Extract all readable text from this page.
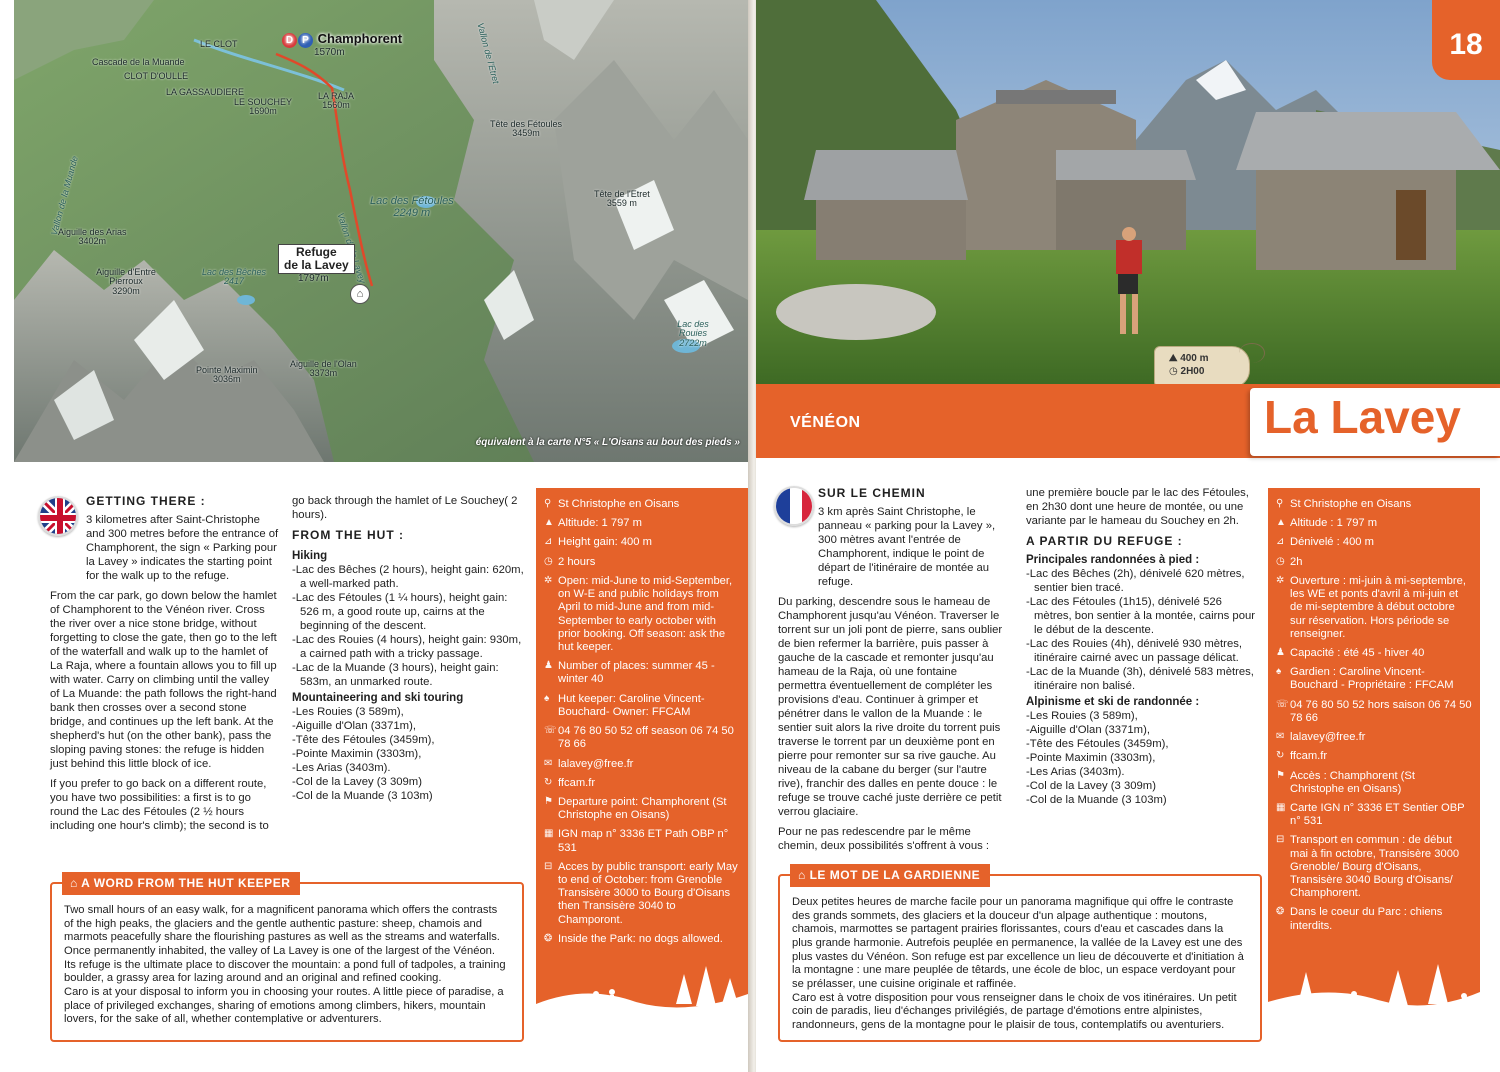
D P Champhorent
1570m
LE CLOT
Cascade de la Muande
CLOT D'OULLE
LA GASSAUDIERE
LE SOUCHEY
1690m
LA RAJA
1560m
Vallon de la Muande	Vallon Lavey
Vallon de l'Etret
Tête des Fétoules
3459m
Tête de l'Etret
3559 m
Lac des Fétoules
2249 m
Aiguille des Arias
3402m
Refuge
de la Lavey
1797m
⌂
Lac des Bêches
2417
Aiguille d'Entre Pierroux
3290m
Lac des Rouies
2722m
Pointe Maximin
3036m
Aiguille de l'Olan
3373m
équivalent à la carte N°5 « L'Oisans au bout des pieds »
GETTING THERE :

3 kilometres after Saint-Christophe and 300 metres before the entrance of Champhorent, the sign « Parking pour la Lavey » indicates the starting point for the walk up to the refuge.

From the car park, go down below the hamlet of Champhorent to the Vénéon river. Cross the river over a nice stone bridge, without forgetting to close the gate, then go to the left of the waterfall and walk up to the hamlet of La Raja, where a fountain allows you to fill up with water. Carry on climbing until the valley of La Muande: the path follows the right-hand bank then crosses over a second stone bridge, and continues up the left bank. At the shepherd's hut (on the other bank), pass the sloping paving stones: the refuge is hidden just behind this little block of ice.

If you prefer to go back on a different route, you have two possibilities: a first is to go round the Lac des Fétoules (2 ½ hours including one hour's climb); the second is to

go back through the hamlet of Le Souchey( 2 hours).

FROM THE HUT :
Hiking
-Lac des Bêches (2 hours), height gain: 620m, a well-marked path.
-Lac des Fétoules (1 ¼ hours), height gain: 526 m, a good route up, cairns at the beginning of the descent.
-Lac des Rouies (4 hours), height gain: 930m, a cairned path with a tricky passage.
-Lac de la Muande (3 hours), height gain: 583m, an unmarked route.
Mountaineering and ski touring
-Les Rouies (3 589m),
-Aiguille d'Olan (3371m),
-Tête des Fétoules (3459m),
-Pointe Maximin (3303m),
-Les Arias (3403m).
-Col de la Lavey (3 309m)
-Col de la Muande (3 103m)
⚲ St Christophe en Oisans
▲ Altitude: 1 797 m
⊿ Height gain: 400 m
◷ 2 hours
✲ Open: mid-June to mid-September, on W-E and public holidays from April to mid-June and from mid-September to early october with prior booking. Off season: ask the hut keeper.
♟ Number of places: summer 45 - winter 40
♠ Hut keeper: Caroline Vincent-Bouchard- Owner: FFCAM
☏ 04 76 80 50 52 off season 06 74 50 78 66
✉ lalavey@free.fr
↻ ffcam.fr
⚑ Departure point: Champhorent (St Christophe en Oisans)
▦ IGN map n° 3336 ET Path OBP n° 531
⊟ Acces by public transport: early May to end of October: from Grenoble Transisère 3000 to Bourg d'Oisans then Transisère 3040 to Champoront.
❂ Inside the Park: no dogs allowed.
⌂ A WORD FROM THE HUT KEEPER
Two small hours of an easy walk, for a magnificent panorama which offers the contrasts of the high peaks, the glaciers and the gentle authentic pasture: sheep, chamois and marmots peacefully share the flourishing pastures as well as the streams and waterfalls. Once permanently inhabited, the valley of La Lavey is one of the largest of the Vénéon. Its refuge is the ultimate place to discover the mountain: a pond full of tadpoles, a training boulder, a grassy area for lazing around and an original and refined cooking.
Caro is at your disposal to inform you in choosing your routes. A little piece of paradise, a place of privileged exchanges, sharing of emotions among climbers, hikers, mountain lovers, for the sake of all, whether contemplative or adventurers.
18
⛰ 400 m
◷ 2H00
VÉNÉON	La Lavey
SUR LE CHEMIN

3 km après Saint Christophe, le panneau « parking pour la Lavey », 300 mètres avant l'entrée de Champhorent, indique le point de départ de l'itinéraire de montée au refuge.

Du parking, descendre sous le hameau de Champhorent jusqu'au Vénéon. Traverser le torrent sur un joli pont de pierre, sans oublier de bien refermer la barrière, puis passer à gauche de la cascade et remonter jusqu'au hameau de la Raja, où une fontaine permettra éventuellement de compléter les provisions d'eau. Continuer à grimper et pénétrer dans le vallon de la Muande : le sentier suit alors la rive droite du torrent puis traverse le torrent par un deuxième pont en pierre pour remonter sur sa rive gauche. Au niveau de la cabane du berger (sur l'autre rive), franchir des dalles en pente douce : le refuge se trouve caché juste derrière ce petit verrou glaciaire.

Pour ne pas redescendre par le même chemin, deux possibilités s'offrent à vous :

une première boucle par le lac des Fétoules, en 2h30 dont une heure de montée, ou une variante par le hameau du Souchey en 2h.

A PARTIR DU REFUGE :
Principales randonnées à pied :
-Lac des Bêches (2h), dénivelé 620 mètres, sentier bien tracé.
-Lac des Fétoules (1h15), dénivelé 526 mètres, bon sentier à la montée, cairns pour le début de la descente.
-Lac des Rouies (4h), dénivelé 930 mètres, itinéraire cairné avec un passage délicat.
-Lac de la Muande (3h), dénivelé 583 mètres, itinéraire non balisé.
Alpinisme et ski de randonnée :
-Les Rouies (3 589m),
-Aiguille d'Olan (3371m),
-Tête des Fétoules (3459m),
-Pointe Maximin (3303m),
-Les Arias (3403m).
-Col de la Lavey (3 309m)
-Col de la Muande (3 103m)
⚲ St Christophe en Oisans
▲ Altitude : 1 797 m
⊿ Dénivelé : 400 m
◷ 2h
✲ Ouverture : mi-juin à mi-septembre, les WE et ponts d'avril à mi-juin et de mi-septembre à début octobre sur réservation. Hors période se renseigner.
♟ Capacité : été 45 - hiver 40
♠ Gardien : Caroline Vincent-Bouchard - Propriétaire : FFCAM
☏ 04 76 80 50 52 hors saison 06 74 50 78 66
✉ lalavey@free.fr
↻ ffcam.fr
⚑ Accès : Champhorent (St Christophe en Oisans)
▦ Carte IGN n° 3336 ET Sentier OBP n° 531
⊟ Transport en commun : de début mai à fin octobre, Transisère 3000 Grenoble/ Bourg d'Oisans, Transisère 3040 Bourg d'Oisans/ Champhorent.
❂ Dans le coeur du Parc : chiens interdits.
⌂ LE MOT DE LA GARDIENNE
Deux petites heures de marche facile pour un panorama magnifique qui offre le contraste des grands sommets, des glaciers et la douceur d'un alpage authentique : moutons, chamois, marmottes se partagent prairies florissantes, cours d'eau et cascades dans la plus grande harmonie. Autrefois peuplée en permanence, la vallée de la Lavey est une des plus vastes du Vénéon. Son refuge est par excellence un lieu de découverte et d'initiation à la montagne : une mare peuplée de têtards, une école de bloc, un espace verdoyant pour se prélasser, une cuisine originale et raffinée.
Caro est à votre disposition pour vous renseigner dans le choix de vos itinéraires. Un petit coin de paradis, lieu d'échanges privilégiés, de partage d'émotions entre alpinistes, randonneurs, gens de la montagne pour le plaisir de tous, contemplatifs ou aventuriers.
